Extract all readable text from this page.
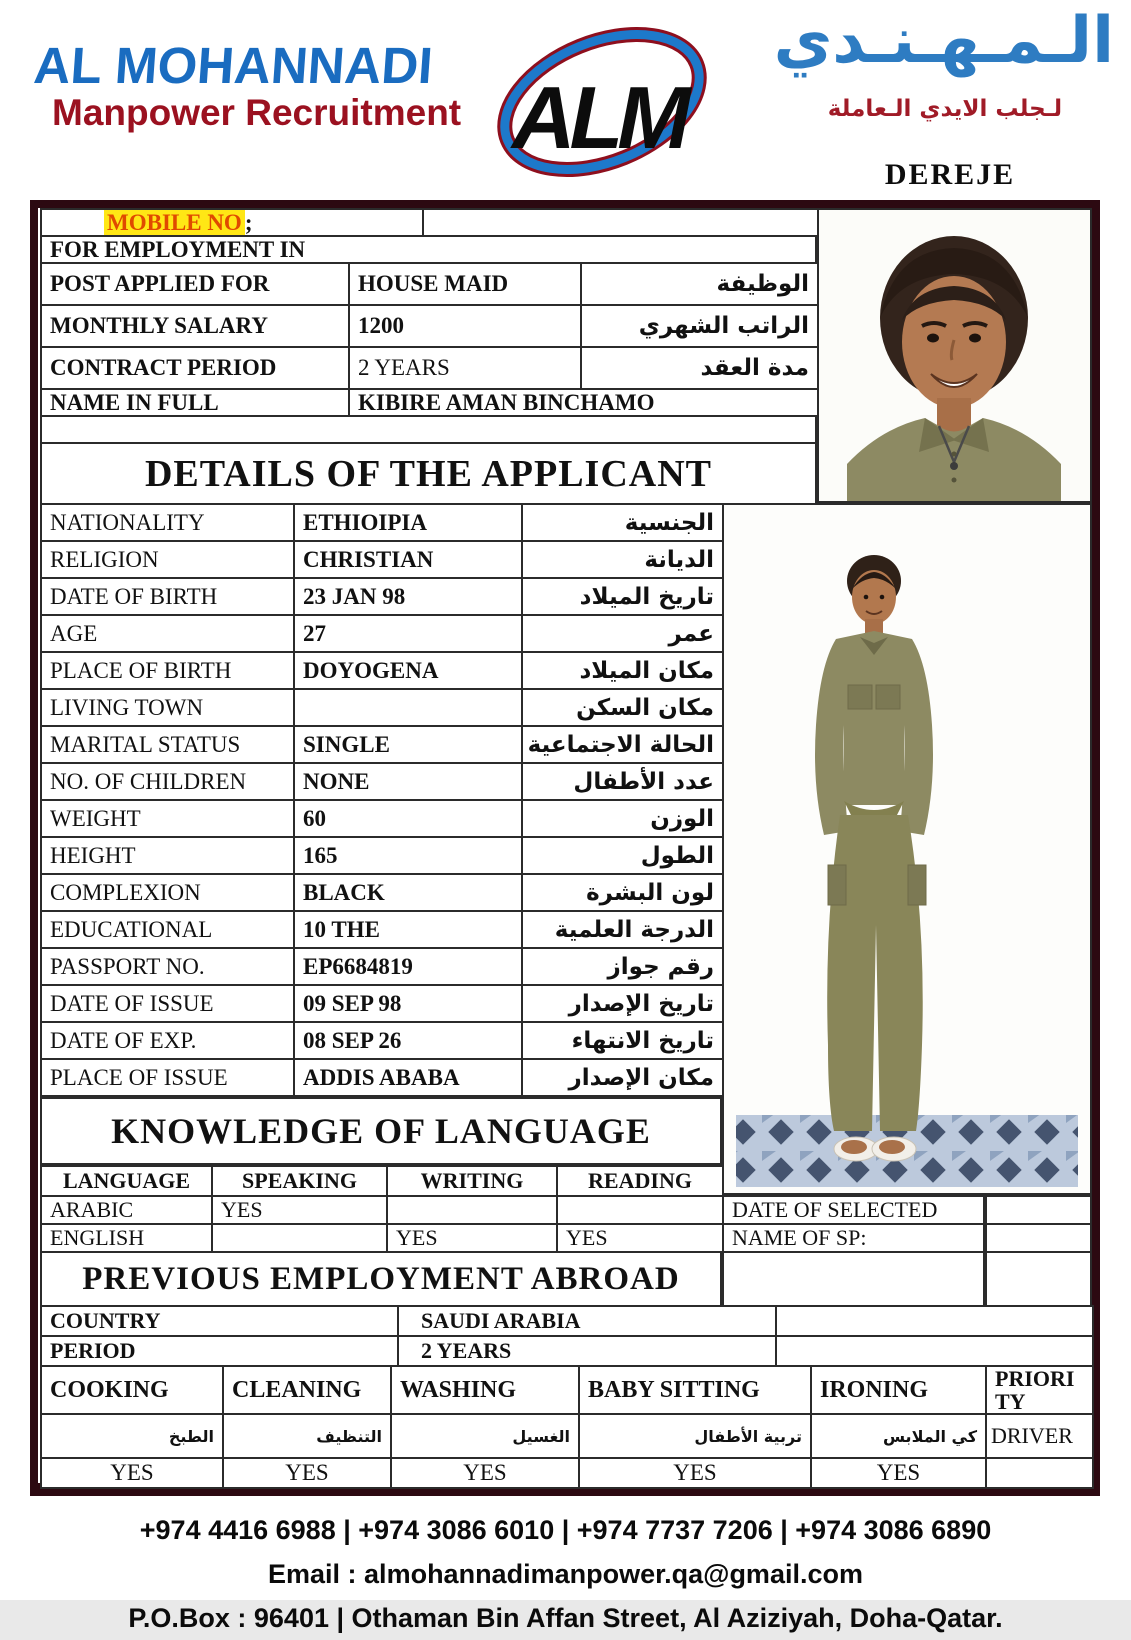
AL MOHANNADI
Manpower Recruitment ALM
الـمـهـنـدي
لـجلب الايدي الـعاملة
DEREJE
MOBILE NO ;	
FOR EMPLOYMENT IN
POST APPLIED FOR	HOUSE MAID	الوظيفة
MONTHLY SALARY	1200	الراتب الشهري
CONTRACT PERIOD	2 YEARS	مدة العقد
NAME IN FULL	KIBIRE AMAN BINCHAMO
DETAILS OF THE APPLICANT
NATIONALITY	ETHIOIPIA	الجنسية
RELIGION	CHRISTIAN	الديانة
DATE OF BIRTH	23 JAN 98	تاريخ الميلاد
AGE	27	عمر
PLACE OF BIRTH	DOYOGENA	مكان الميلاد
LIVING TOWN		مكان السكن
MARITAL STATUS	SINGLE	الحالة الاجتماعية
NO. OF CHILDREN	NONE	عدد الأطفال
WEIGHT	60	الوزن
HEIGHT	165	الطول
COMPLEXION	BLACK	لون البشرة
EDUCATIONAL	10 THE	الدرجة العلمية
PASSPORT NO.	EP6684819	رقم جواز
DATE OF ISSUE	09 SEP 98	تاريخ الإصدار
DATE OF EXP.	08 SEP 26	تاريخ الانتهاء
PLACE OF ISSUE	ADDIS ABABA	مكان الإصدار
KNOWLEDGE OF LANGUAGE
LANGUAGE	SPEAKING	WRITING	READING
ARABIC	YES		
ENGLISH		YES	YES
DATE OF SELECTED
NAME OF SP:
PREVIOUS EMPLOYMENT ABROAD
COUNTRY	SAUDI ARABIA	
PERIOD	2 YEARS	
COOKING	CLEANING	WASHING	BABY SITTING	IRONING	PRIORITY
الطبخ	التنظيف	الغسيل	تربية الأطفال	كي الملابس	DRIVER
YES	YES	YES	YES	YES	
+974 4416 6988 | +974 3086 6010 | +974 7737 7206 | +974 3086 6890
Email : almohannadimanpower.qa@gmail.com
P.O.Box : 96401 | Othaman Bin Affan Street, Al Aziziyah, Doha-Qatar.
